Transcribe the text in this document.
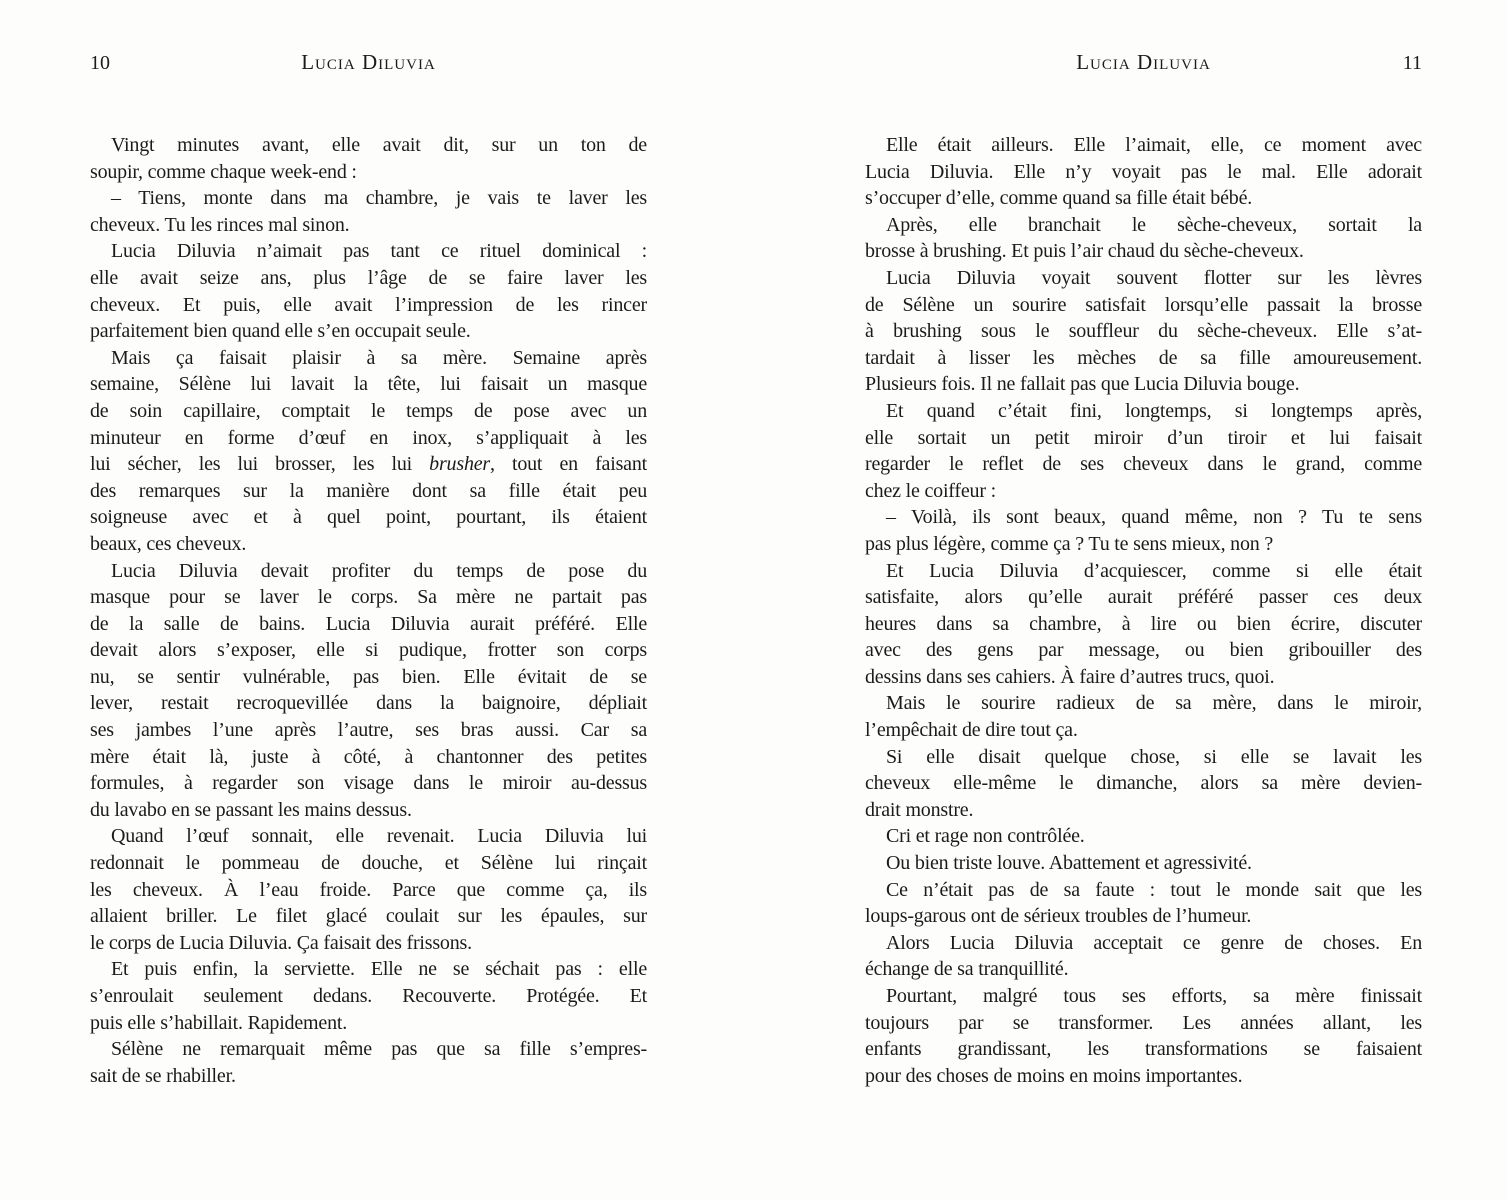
10	Lucia Diluvia
Vingt minutes avant, elle avait dit, sur un ton de
soupir, comme chaque week-end :
– Tiens, monte dans ma chambre, je vais te laver les
cheveux. Tu les rinces mal sinon.
Lucia Diluvia n’aimait pas tant ce rituel dominical :
elle avait seize ans, plus l’âge de se faire laver les
cheveux. Et puis, elle avait l’impression de les rincer
parfaitement bien quand elle s’en occupait seule.
Mais ça faisait plaisir à sa mère. Semaine après
semaine, Sélène lui lavait la tête, lui faisait un masque
de soin capillaire, comptait le temps de pose avec un
minuteur en forme d’œuf en inox, s’appliquait à les
lui sécher, les lui brosser, les lui brusher, tout en faisant
des remarques sur la manière dont sa fille était peu
soigneuse avec et à quel point, pourtant, ils étaient
beaux, ces cheveux.
Lucia Diluvia devait profiter du temps de pose du
masque pour se laver le corps. Sa mère ne partait pas
de la salle de bains. Lucia Diluvia aurait préféré. Elle
devait alors s’exposer, elle si pudique, frotter son corps
nu, se sentir vulnérable, pas bien. Elle évitait de se
lever, restait recroquevillée dans la baignoire, dépliait
ses jambes l’une après l’autre, ses bras aussi. Car sa
mère était là, juste à côté, à chantonner des petites
formules, à regarder son visage dans le miroir au-dessus
du lavabo en se passant les mains dessus.
Quand l’œuf sonnait, elle revenait. Lucia Diluvia lui
redonnait le pommeau de douche, et Sélène lui rinçait
les cheveux. À l’eau froide. Parce que comme ça, ils
allaient briller. Le filet glacé coulait sur les épaules, sur
le corps de Lucia Diluvia. Ça faisait des frissons.
Et puis enfin, la serviette. Elle ne se séchait pas : elle
s’enroulait seulement dedans. Recouverte. Protégée. Et
puis elle s’habillait. Rapidement.
Sélène ne remarquait même pas que sa fille s’empres-
sait de se rhabiller.
Lucia Diluvia	11
Elle était ailleurs. Elle l’aimait, elle, ce moment avec
Lucia Diluvia. Elle n’y voyait pas le mal. Elle adorait
s’occuper d’elle, comme quand sa fille était bébé.
Après, elle branchait le sèche-cheveux, sortait la
brosse à brushing. Et puis l’air chaud du sèche-cheveux.
Lucia Diluvia voyait souvent flotter sur les lèvres
de Sélène un sourire satisfait lorsqu’elle passait la brosse
à brushing sous le souffleur du sèche-cheveux. Elle s’at-
tardait à lisser les mèches de sa fille amoureusement.
Plusieurs fois. Il ne fallait pas que Lucia Diluvia bouge.
Et quand c’était fini, longtemps, si longtemps après,
elle sortait un petit miroir d’un tiroir et lui faisait
regarder le reflet de ses cheveux dans le grand, comme
chez le coiffeur :
– Voilà, ils sont beaux, quand même, non ? Tu te sens
pas plus légère, comme ça ? Tu te sens mieux, non ?
Et Lucia Diluvia d’acquiescer, comme si elle était
satisfaite, alors qu’elle aurait préféré passer ces deux
heures dans sa chambre, à lire ou bien écrire, discuter
avec des gens par message, ou bien gribouiller des
dessins dans ses cahiers. À faire d’autres trucs, quoi.
Mais le sourire radieux de sa mère, dans le miroir,
l’empêchait de dire tout ça.
Si elle disait quelque chose, si elle se lavait les
cheveux elle-même le dimanche, alors sa mère devien-
drait monstre.
Cri et rage non contrôlée.
Ou bien triste louve. Abattement et agressivité.
Ce n’était pas de sa faute : tout le monde sait que les
loups-garous ont de sérieux troubles de l’humeur.
Alors Lucia Diluvia acceptait ce genre de choses. En
échange de sa tranquillité.
Pourtant, malgré tous ses efforts, sa mère finissait
toujours par se transformer. Les années allant, les
enfants grandissant, les transformations se faisaient
pour des choses de moins en moins importantes.
